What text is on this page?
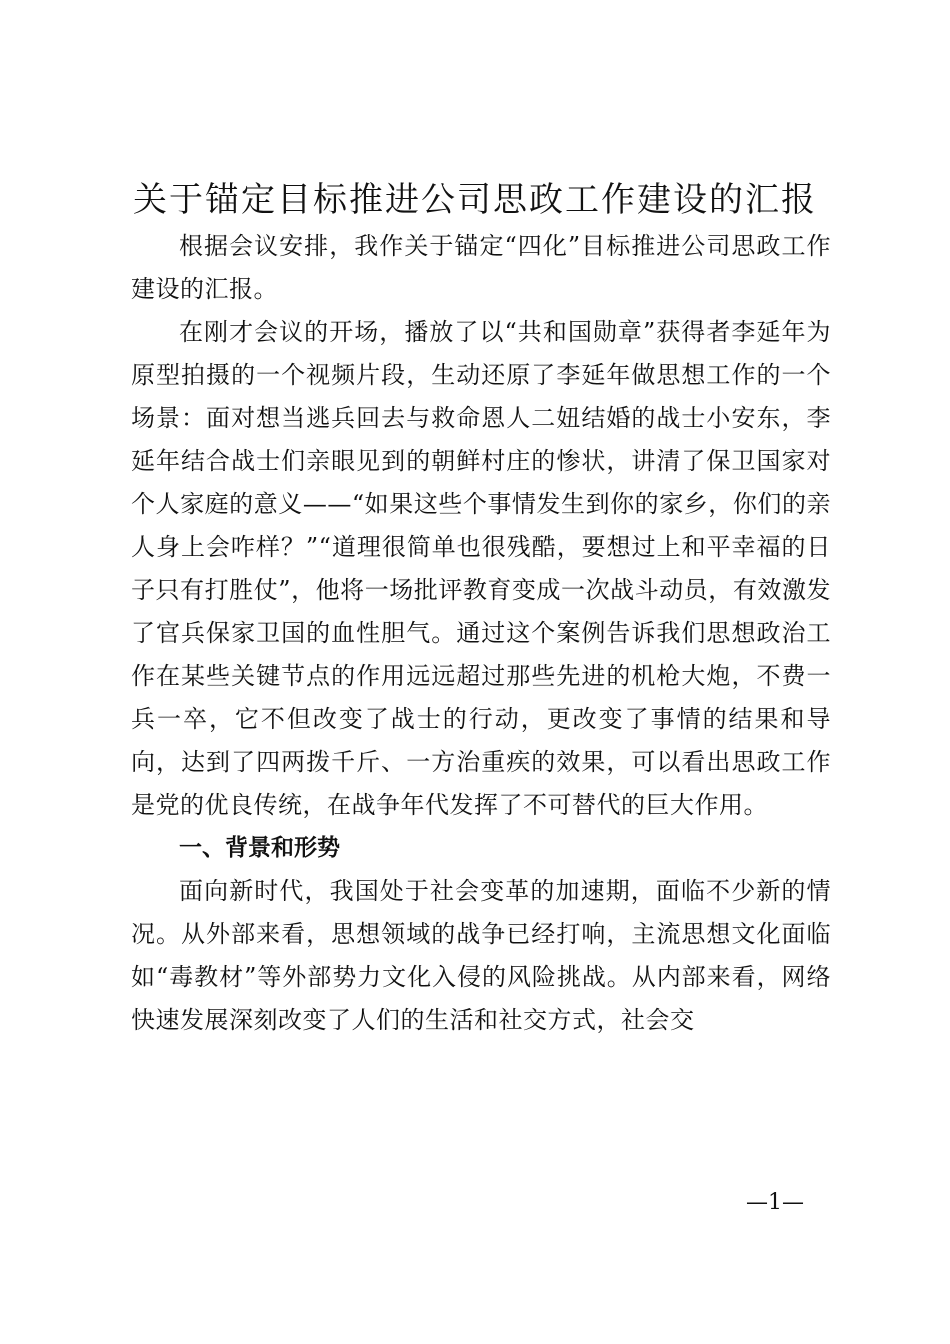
关于锚定目标推进公司思政工作建设的汇报

根据会议安排，我作关于锚定“四化”目标推进公司思政工作建设的汇报。

在刚才会议的开场，播放了以“共和国勋章”获得者李延年为原型拍摄的一个视频片段，生动还原了李延年做思想工作的一个场景：面对想当逃兵回去与救命恩人二妞结婚的战士小安东，李延年结合战士们亲眼见到的朝鲜村庄的惨状，讲清了保卫国家对个人家庭的意义——“如果这些个事情发生到你的家乡，你们的亲人身上会咋样？”“道理很简单也很残酷，要想过上和平幸福的日子只有打胜仗”，他将一场批评教育变成一次战斗动员，有效激发了官兵保家卫国的血性胆气。通过这个案例告诉我们思想政治工作在某些关键节点的作用远远超过那些先进的机枪大炮，不费一兵一卒，它不但改变了战士的行动，更改变了事情的结果和导向，达到了四两拨千斤、一方治重疾的效果，可以看出思政工作是党的优良传统，在战争年代发挥了不可替代的巨大作用。

一、背景和形势

面向新时代，我国处于社会变革的加速期，面临不少新的情况。从外部来看，思想领域的战争已经打响，主流思想文化面临如“毒教材”等外部势力文化入侵的风险挑战。从内部来看，网络快速发展深刻改变了人们的生活和社交方式，社会交

—1—
